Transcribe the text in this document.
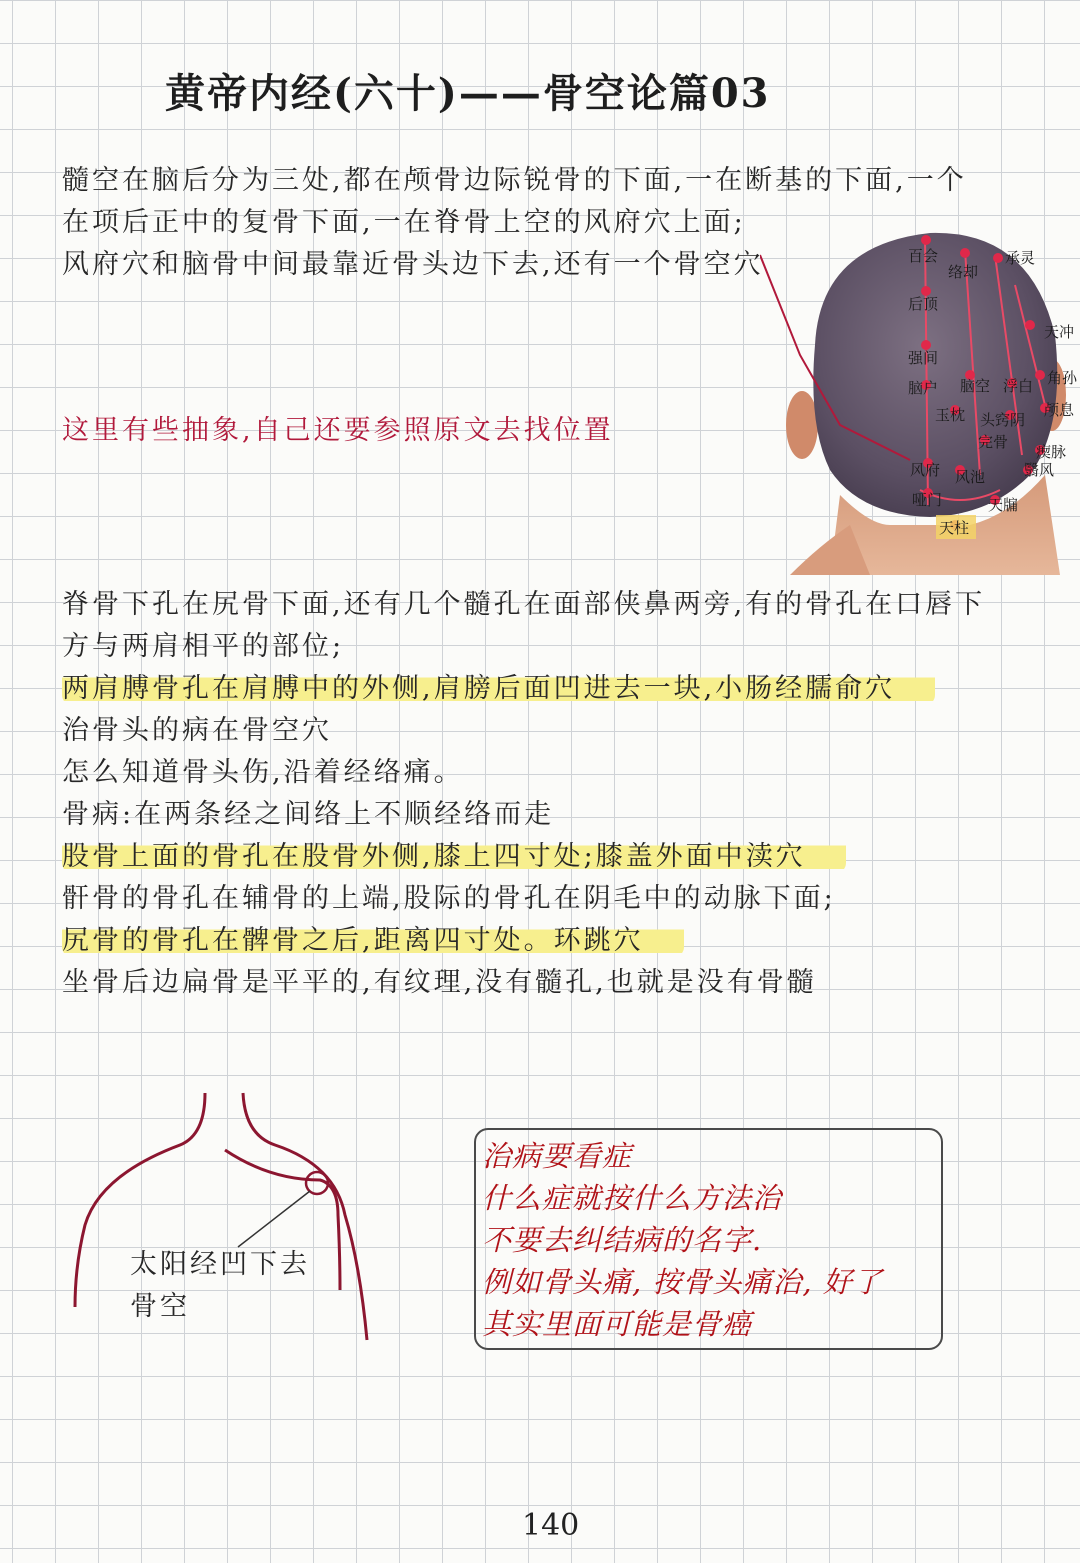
黄帝内经(六十)——骨空论篇03
髓空在脑后分为三处,都在颅骨边际锐骨的下面,一在断基的下面,一个
在项后正中的复骨下面,一在脊骨上空的风府穴上面;
风府穴和脑骨中间最靠近骨头边下去,还有一个骨空穴
这里有些抽象,自己还要参照原文去找位置
百会
络却
承灵
后顶
天冲
强间
脑户 脑空 浮白 角孙
玉枕 头窍阴
颅息
完骨
瘈脉
风府 风池	翳风
哑门	天牖
天柱
脊骨下孔在尻骨下面,还有几个髓孔在面部侠鼻两旁,有的骨孔在口唇下
方与两肩相平的部位;
两肩膊骨孔在肩膊中的外侧,肩膀后面凹进去一块,小肠经臑俞穴
治骨头的病在骨空穴
怎么知道骨头伤,沿着经络痛。
骨病:在两条经之间络上不顺经络而走
股骨上面的骨孔在股骨外侧,膝上四寸处;膝盖外面中渎穴
骭骨的骨孔在辅骨的上端,股际的骨孔在阴毛中的动脉下面;
尻骨的骨孔在髀骨之后,距离四寸处。环跳穴
坐骨后边扁骨是平平的,有纹理,没有髓孔,也就是没有骨髓
太阳经凹下去
骨空
治病要看症
什么症就按什么方法治
不要去纠结病的名字.
例如骨头痛, 按骨头痛治, 好了
其实里面可能是骨癌
140
